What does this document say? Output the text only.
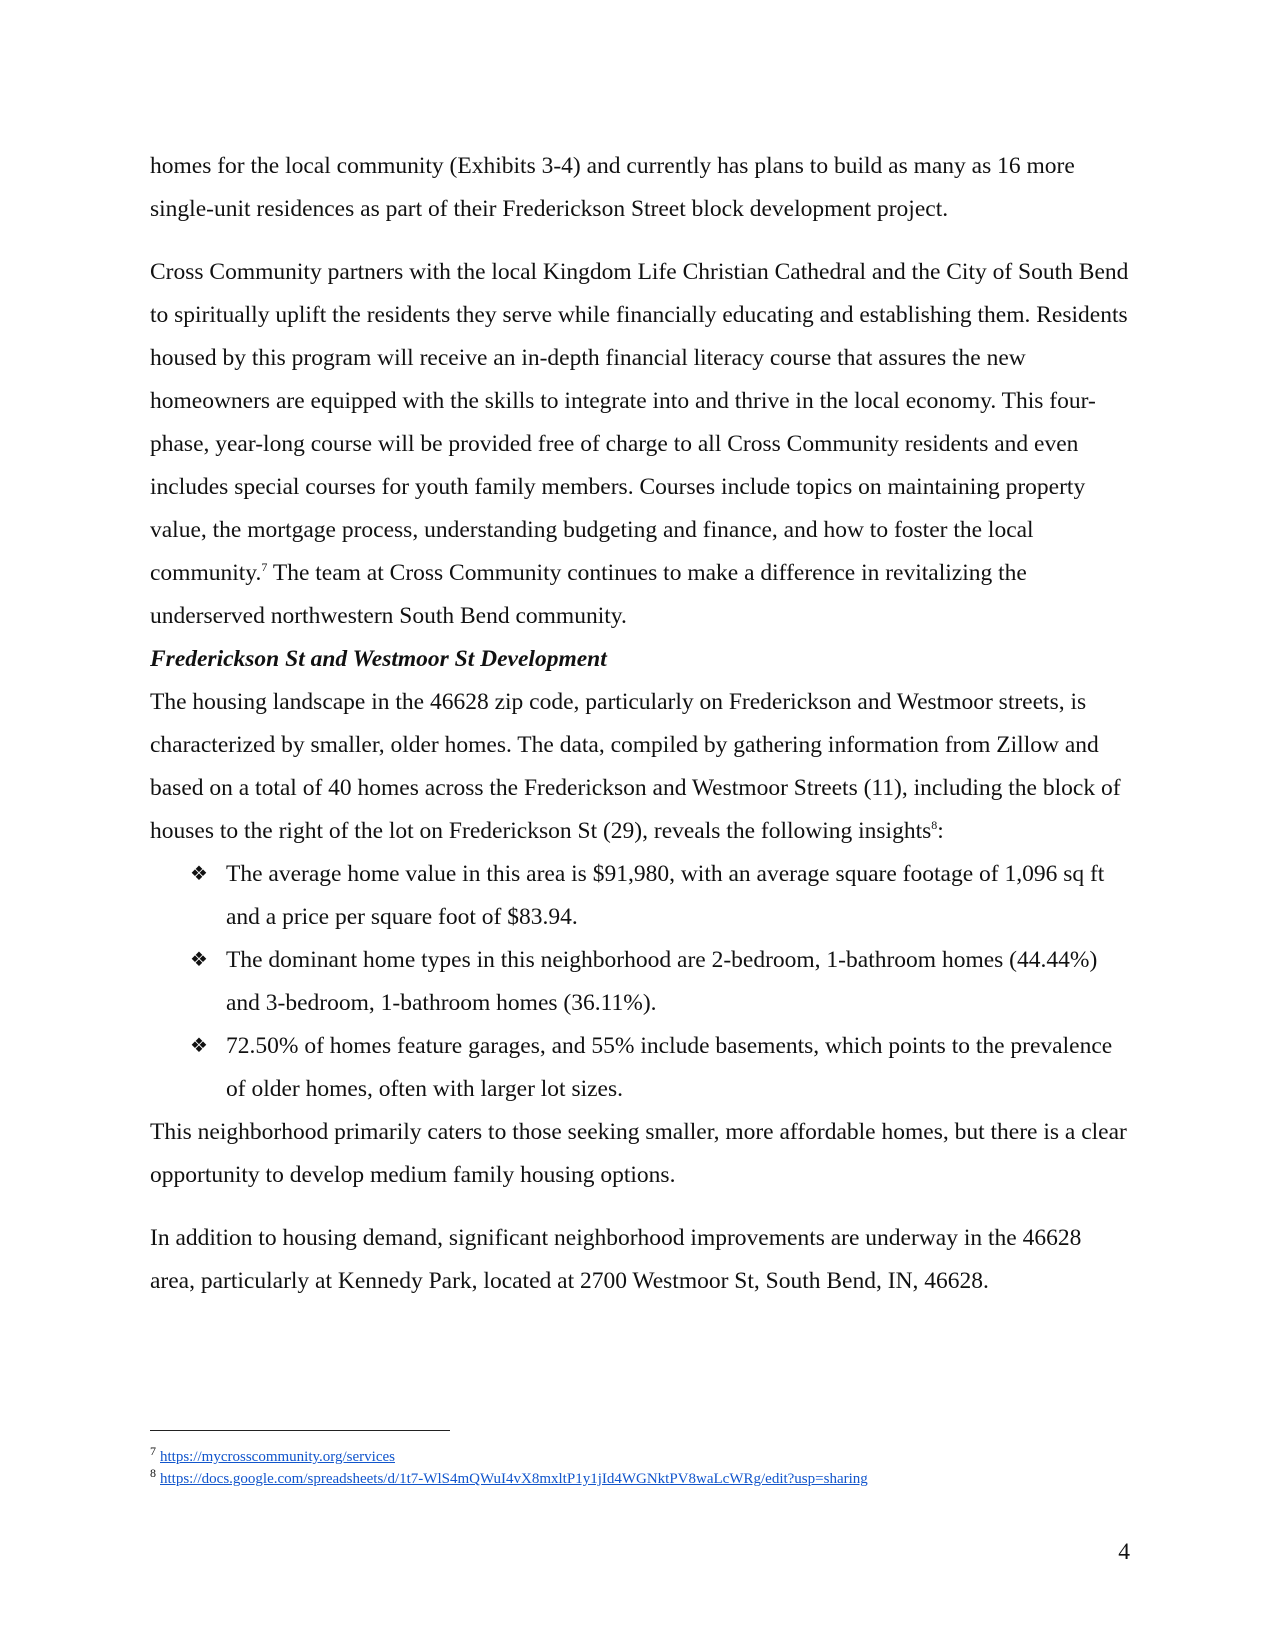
homes for the local community (Exhibits 3-4) and currently has plans to build as many as 16 more single-unit residences as part of their Frederickson Street block development project.

Cross Community partners with the local Kingdom Life Christian Cathedral and the City of South Bend to spiritually uplift the residents they serve while financially educating and establishing them. Residents housed by this program will receive an in-depth financial literacy course that assures the new homeowners are equipped with the skills to integrate into and thrive in the local economy. This four-phase, year-long course will be provided free of charge to all Cross Community residents and even includes special courses for youth family members. Courses include topics on maintaining property value, the mortgage process, understanding budgeting and finance, and how to foster the local community.$^7$ The team at Cross Community continues to make a difference in revitalizing the underserved northwestern South Bend community.

Frederickson St and Westmoor St Development

The housing landscape in the 46628 zip code, particularly on Frederickson and Westmoor streets, is characterized by smaller, older homes. The data, compiled by gathering information from Zillow and based on a total of 40 homes across the Frederickson and Westmoor Streets (11), including the block of houses to the right of the lot on Frederickson St (29), reveals the following insights$^8$:

❖ The average home value in this area is $91,980, with an average square footage of 1,096 sq ft and a price per square foot of $83.94.
❖ The dominant home types in this neighborhood are 2-bedroom, 1-bathroom homes (44.44%) and 3-bedroom, 1-bathroom homes (36.11%).
❖ 72.50% of homes feature garages, and 55% include basements, which points to the prevalence of older homes, often with larger lot sizes.

This neighborhood primarily caters to those seeking smaller, more affordable homes, but there is a clear opportunity to develop medium family housing options.

In addition to housing demand, significant neighborhood improvements are underway in the 46628 area, particularly at Kennedy Park, located at 2700 Westmoor St, South Bend, IN, 46628.

$^7$ https://mycrosscommunity.org/services
$^8$ https://docs.google.com/spreadsheets/d/1t7-WlS4mQWuI4vX8mxltP1y1jId4WGNktPV8waLcWRg/edit?usp=sharing
4
